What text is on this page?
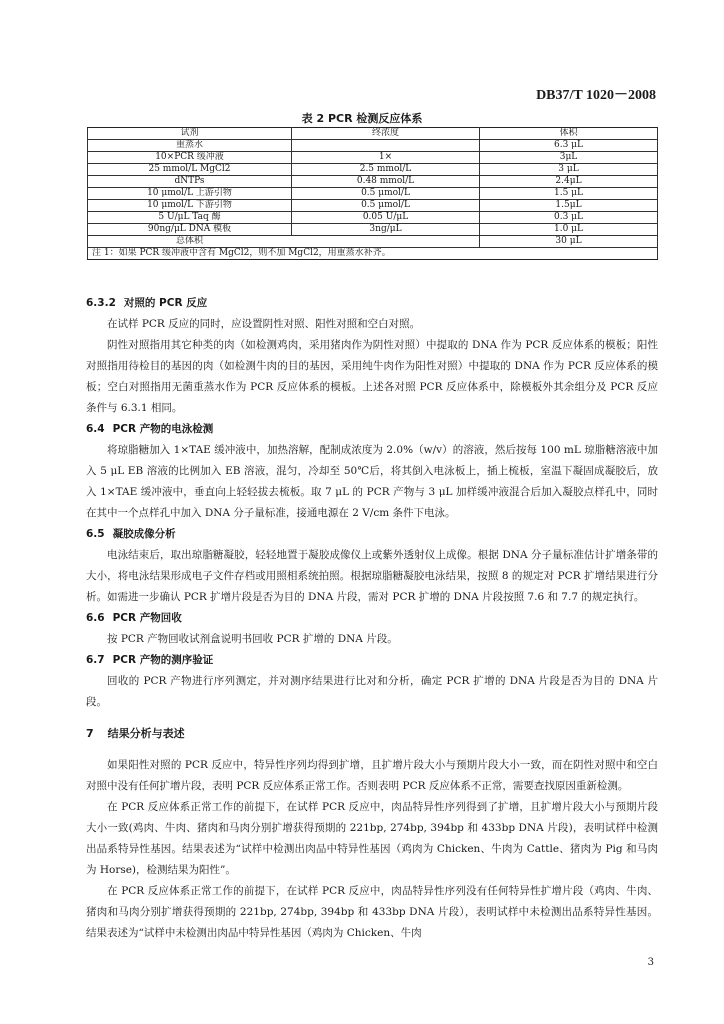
DB37/T 1020－2008
表 2 PCR 检测反应体系
试剂	终浓度	体积
重蒸水		6.3 μL
10×PCR 缓冲液	1×	3μL
25 mmol/L MgCl2	2.5 mmol/L	3 μL
dNTPs	0.48 mmol/L	2.4μL
10 μmol/L 上游引物	0.5 μmol/L	1.5 μL
10 μmol/L 下游引物	0.5 μmol/L	1.5μL
5 U/μL Taq 酶	0.05 U/μL	0.3 μL
90ng/μL DNA 模板	3ng/μL	1.0 μL
总体积		30 μL
注 1：如果 PCR 缓冲液中含有 MgCl2，则不加 MgCl2，用重蒸水补齐。		
6.3.2 对照的 PCR 反应

在试样 PCR 反应的同时，应设置阴性对照、阳性对照和空白对照。

阴性对照指用其它种类的肉（如检测鸡肉，采用猪肉作为阴性对照）中提取的 DNA 作为 PCR 反应体系的模板；阳性对照指用待检目的基因的肉（如检测牛肉的目的基因，采用纯牛肉作为阳性对照）中提取的 DNA 作为 PCR 反应体系的模板；空白对照指用无菌重蒸水作为 PCR 反应体系的模板。上述各对照 PCR 反应体系中，除模板外其余组分及 PCR 反应条件与 6.3.1 相同。

6.4 PCR 产物的电泳检测

将琼脂糖加入 1×TAE 缓冲液中，加热溶解，配制成浓度为 2.0%（w/v）的溶液，然后按每 100 mL 琼脂糖溶液中加入 5 μL EB 溶液的比例加入 EB 溶液，混匀，冷却至 50℃后，将其倒入电泳板上，插上梳板，室温下凝固成凝胶后，放入 1×TAE 缓冲液中，垂直向上轻轻拔去梳板。取 7 μL 的 PCR 产物与 3 μL 加样缓冲液混合后加入凝胶点样孔中，同时在其中一个点样孔中加入 DNA 分子量标准，接通电源在 2 V/cm 条件下电泳。

6.5 凝胶成像分析

电泳结束后，取出琼脂糖凝胶，轻轻地置于凝胶成像仪上或紫外透射仪上成像。根据 DNA 分子量标准估计扩增条带的大小，将电泳结果形成电子文件存档或用照相系统拍照。根据琼脂糖凝胶电泳结果，按照 8 的规定对 PCR 扩增结果进行分析。如需进一步确认 PCR 扩增片段是否为目的 DNA 片段，需对 PCR 扩增的 DNA 片段按照 7.6 和 7.7 的规定执行。

6.6 PCR 产物回收

按 PCR 产物回收试剂盒说明书回收 PCR 扩增的 DNA 片段。

6.7 PCR 产物的测序验证

回收的 PCR 产物进行序列测定，并对测序结果进行比对和分析，确定 PCR 扩增的 DNA 片段是否为目的 DNA 片段。

7 结果分析与表述

如果阳性对照的 PCR 反应中，特异性序列均得到扩增，且扩增片段大小与预期片段大小一致，而在阴性对照中和空白对照中没有任何扩增片段，表明 PCR 反应体系正常工作。否则表明 PCR 反应体系不正常，需要查找原因重新检测。

在 PCR 反应体系正常工作的前提下，在试样 PCR 反应中，肉品特异性序列得到了扩增，且扩增片段大小与预期片段大小一致(鸡肉、牛肉、猪肉和马肉分别扩增获得预期的 221bp, 274bp, 394bp 和 433bp DNA 片段)，表明试样中检测出品系特异性基因。结果表述为“试样中检测出肉品中特异性基因（鸡肉为 Chicken、牛肉为 Cattle、猪肉为 Pig 和马肉为 Horse)，检测结果为阳性”。

在 PCR 反应体系正常工作的前提下，在试样 PCR 反应中，肉品特异性序列没有任何特异性扩增片段（鸡肉、牛肉、猪肉和马肉分别扩增获得预期的 221bp, 274bp, 394bp 和 433bp DNA 片段），表明试样中未检测出品系特异性基因。结果表述为“试样中未检测出肉品中特异性基因（鸡肉为 Chicken、牛肉

3
